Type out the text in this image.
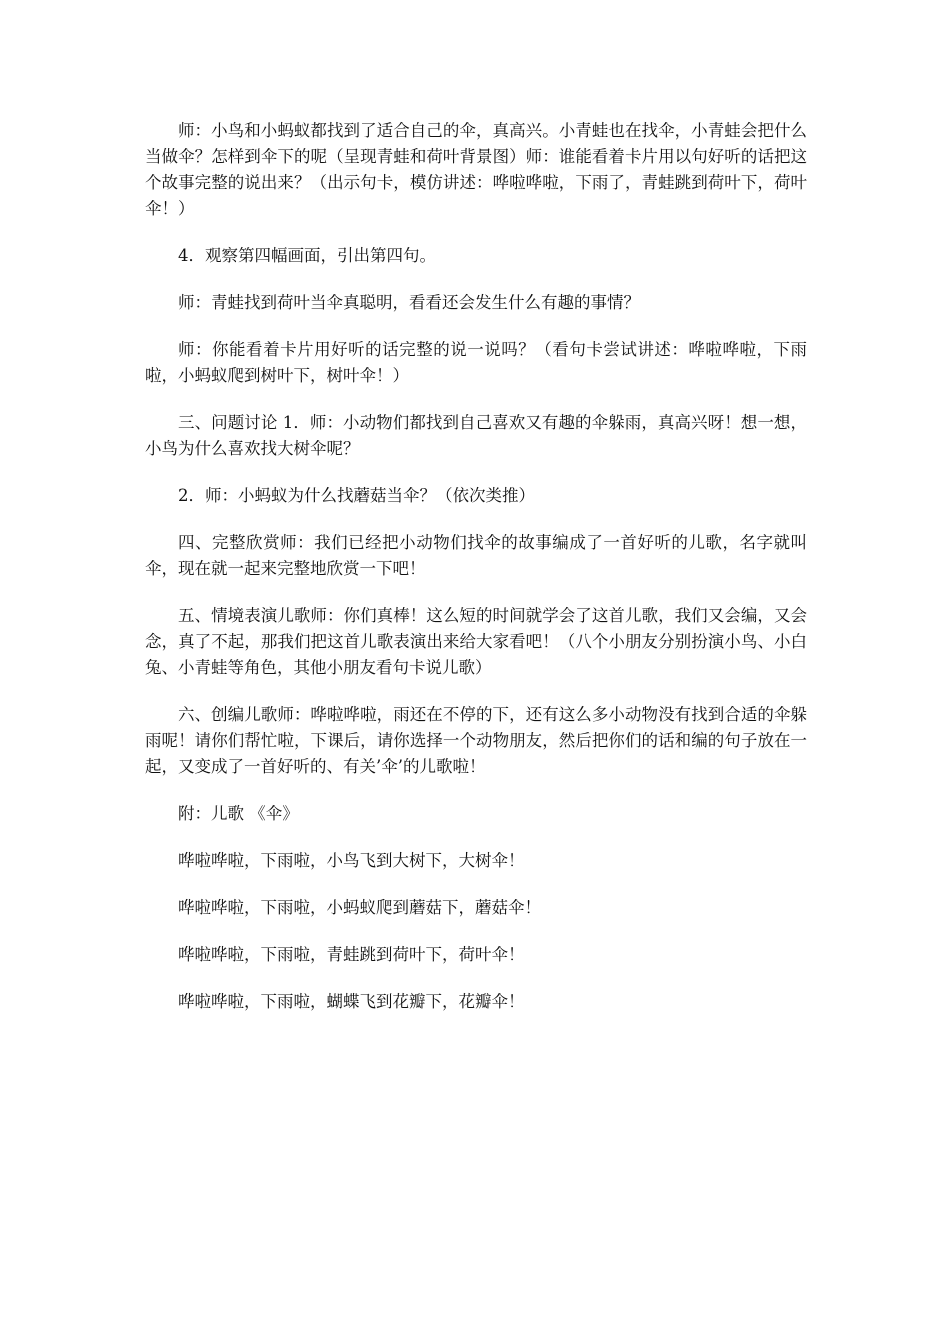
师：小鸟和小蚂蚁都找到了适合自己的伞，真高兴。小青蛙也在找伞，小青蛙会把什么当做伞？怎样到伞下的呢（呈现青蛙和荷叶背景图）师：谁能看着卡片用以句好听的话把这个故事完整的说出来？（出示句卡，模仿讲述：哗啦哗啦，下雨了，青蛙跳到荷叶下，荷叶伞！）

4．观察第四幅画面，引出第四句。

师：青蛙找到荷叶当伞真聪明，看看还会发生什么有趣的事情？

师：你能看着卡片用好听的话完整的说一说吗？（看句卡尝试讲述：哗啦哗啦，下雨啦，小蚂蚁爬到树叶下，树叶伞！）

三、问题讨论 1．师：小动物们都找到自己喜欢又有趣的伞躲雨，真高兴呀！想一想，小鸟为什么喜欢找大树伞呢？

2．师：小蚂蚁为什么找蘑菇当伞？（依次类推）

四、完整欣赏师：我们已经把小动物们找伞的故事编成了一首好听的儿歌，名字就叫伞，现在就一起来完整地欣赏一下吧！

五、情境表演儿歌师：你们真棒！这么短的时间就学会了这首儿歌，我们又会编，又会念，真了不起，那我们把这首儿歌表演出来给大家看吧！（八个小朋友分别扮演小鸟、小白兔、小青蛙等角色，其他小朋友看句卡说儿歌）

六、创编儿歌师：哗啦哗啦，雨还在不停的下，还有这么多小动物没有找到合适的伞躲雨呢！请你们帮忙啦，下课后，请你选择一个动物朋友，然后把你们的话和编的句子放在一起，又变成了一首好听的、有关’伞’的儿歌啦！

附：儿歌 《伞》

哗啦哗啦，下雨啦，小鸟飞到大树下，大树伞！

哗啦哗啦，下雨啦，小蚂蚁爬到蘑菇下，蘑菇伞！

哗啦哗啦，下雨啦，青蛙跳到荷叶下，荷叶伞！

哗啦哗啦，下雨啦，蝴蝶飞到花瓣下，花瓣伞！
